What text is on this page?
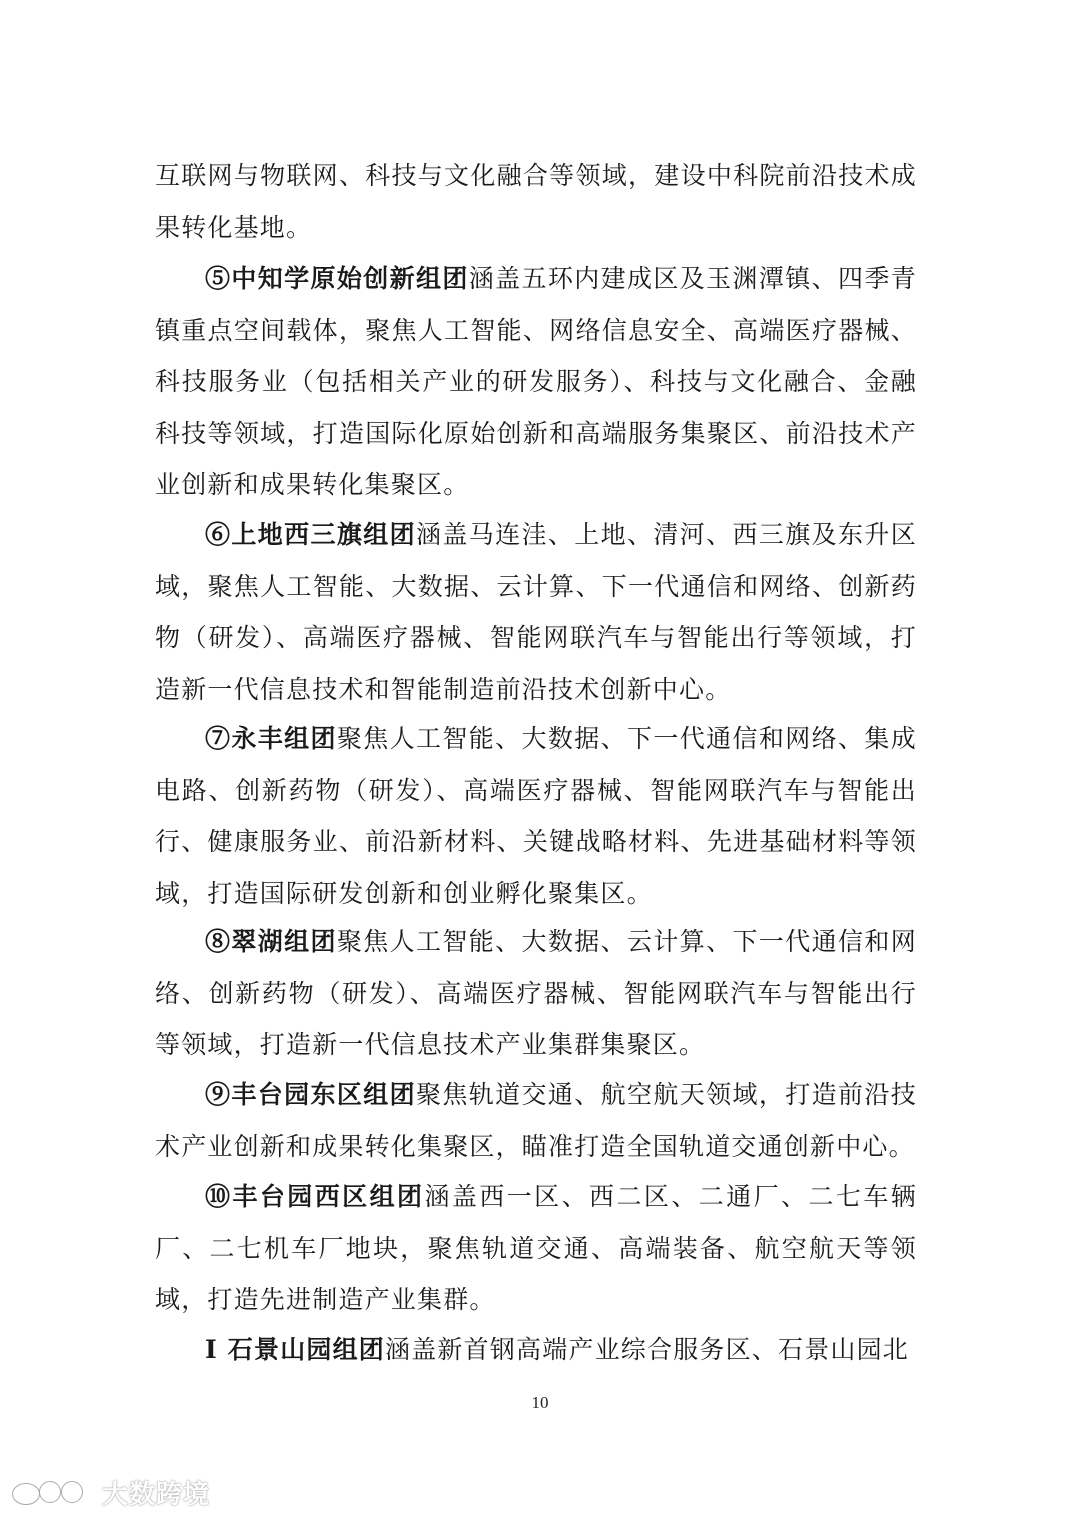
互联网与物联网、科技与文化融合等领域，建设中科院前沿技术成果转化基地。

⑤中知学原始创新组团涵盖五环内建成区及玉渊潭镇、四季青镇重点空间载体，聚焦人工智能、网络信息安全、高端医疗器械、科技服务业（包括相关产业的研发服务）、科技与文化融合、金融科技等领域，打造国际化原始创新和高端服务集聚区、前沿技术产业创新和成果转化集聚区。

⑥上地西三旗组团涵盖马连洼、上地、清河、西三旗及东升区域，聚焦人工智能、大数据、云计算、下一代通信和网络、创新药物（研发）、高端医疗器械、智能网联汽车与智能出行等领域，打造新一代信息技术和智能制造前沿技术创新中心。

⑦永丰组团聚焦人工智能、大数据、下一代通信和网络、集成电路、创新药物（研发）、高端医疗器械、智能网联汽车与智能出行、健康服务业、前沿新材料、关键战略材料、先进基础材料等领域，打造国际研发创新和创业孵化聚集区。

⑧翠湖组团聚焦人工智能、大数据、云计算、下一代通信和网络、创新药物（研发）、高端医疗器械、智能网联汽车与智能出行等领域，打造新一代信息技术产业集群集聚区。

⑨丰台园东区组团聚焦轨道交通、航空航天领域，打造前沿技术产业创新和成果转化集聚区，瞄准打造全国轨道交通创新中心。

⑩丰台园西区组团涵盖西一区、西二区、二通厂、二七车辆厂、二七机车厂地块，聚焦轨道交通、高端装备、航空航天等领域，打造先进制造产业集群。

Ⅰ 石景山园组团涵盖新首钢高端产业综合服务区、石景山园北

10
大数跨境
